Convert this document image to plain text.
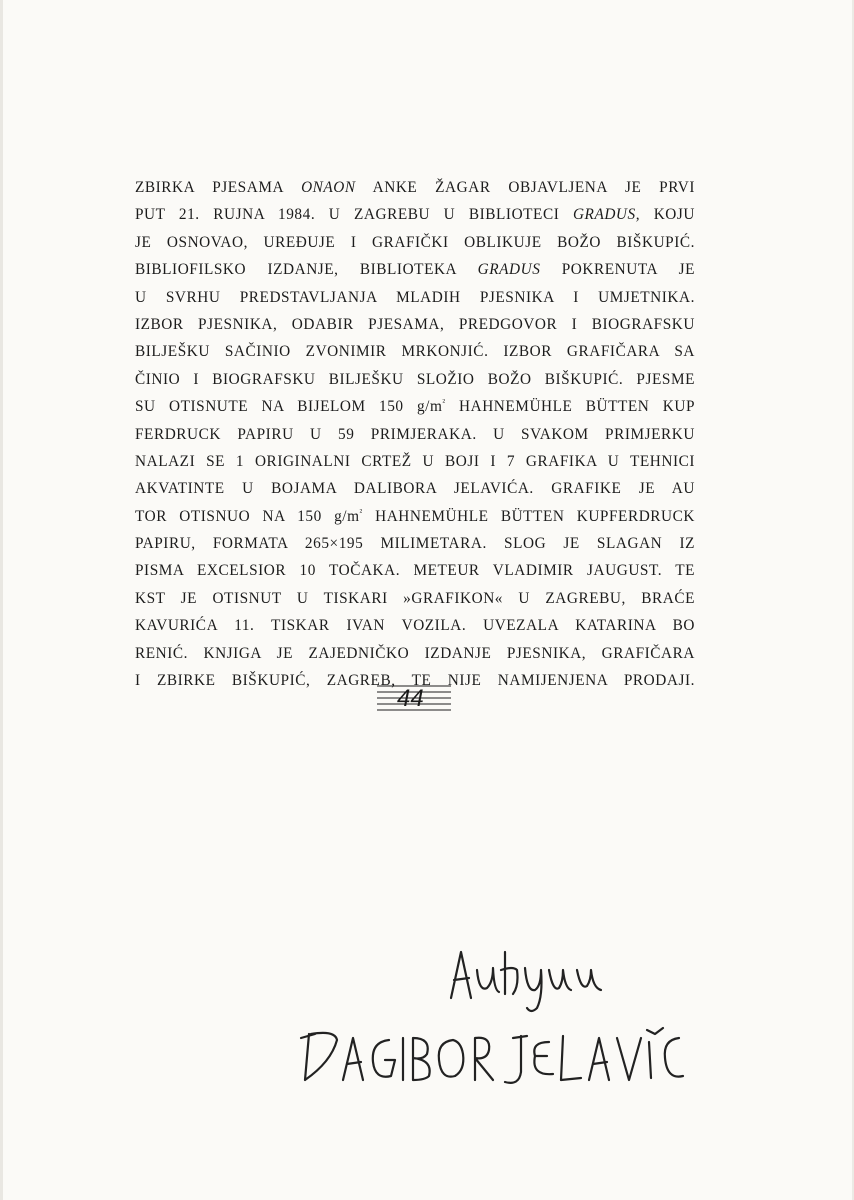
ZBIRKA PJESAMA ONAON ANKE ŽAGAR OBJAVLJENA JE PRVI
PUT 21. RUJNA 1984. U ZAGREBU U BIBLIOTECI GRADUS, KOJU
JE OSNOVAO, UREĐUJE I GRAFIČKI OBLIKUJE BOŽO BIŠKUPIĆ.
BIBLIOFILSKO IZDANJE, BIBLIOTEKA GRADUS POKRENUTA JE
U SVRHU PREDSTAVLJANJA MLADIH PJESNIKA I UMJETNIKA.
IZBOR PJESNIKA, ODABIR PJESAMA, PREDGOVOR I BIOGRAFSKU
BILJEŠKU SAČINIO ZVONIMIR MRKONJIĆ. IZBOR GRAFIČARA SA
ČINIO I BIOGRAFSKU BILJEŠKU SLOŽIO BOŽO BIŠKUPIĆ. PJESME
SU OTISNUTE NA BIJELOM 150 $g/m^{^2}$ HAHNEMÜHLE BÜTTEN KUP
FERDRUCK PAPIRU U 59 PRIMJERAKA. U SVAKOM PRIMJERKU
NALAZI SE 1 ORIGINALNI CRTEŽ U BOJI I 7 GRAFIKA U TEHNICI
AKVATINTE U BOJAMA DALIBORA JELAVIĆA. GRAFIKE JE AU
TOR OTISNUO NA 150 $g/m^{^2}$ HAHNEMÜHLE BÜTTEN KUPFERDRUCK
PAPIRU, FORMATA 265×195 MILIMETARA. SLOG JE SLAGAN IZ
PISMA EXCELSIOR 10 TOČAKA. METEUR VLADIMIR JAUGUST. TE
KST JE OTISNUT U TISKARI »GRAFIKON« U ZAGREBU, BRAĆE
KAVURIĆA 11. TISKAR IVAN VOZILA. UVEZALA KATARINA BO
RENIĆ. KNJIGA JE ZAJEDNIČKO IZDANJE PJESNIKA, GRAFIČARA
I ZBIRKE BIŠKUPIĆ, ZAGREB, TE NIJE NAMIJENJENA PRODAJI.
44
Autotypu DALIBOR JELAVIĆ
